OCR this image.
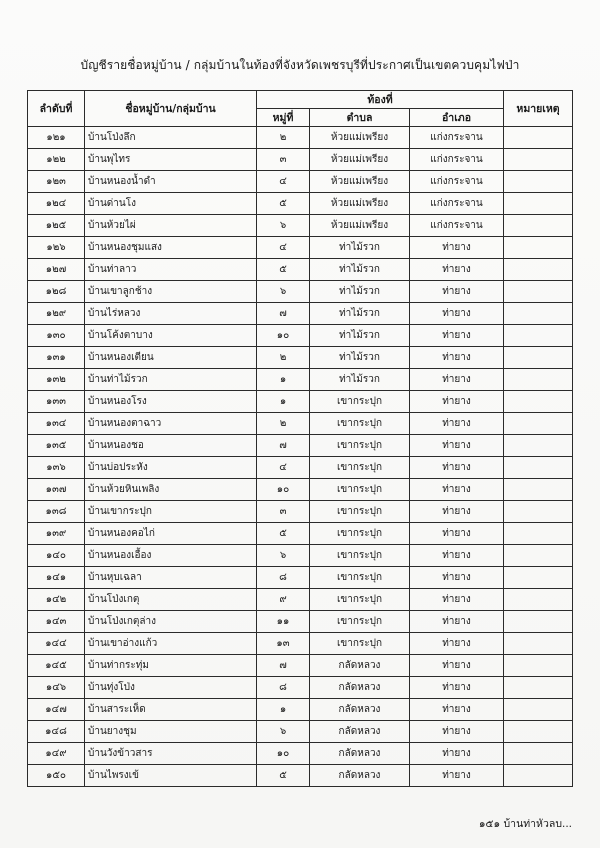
บัญชีรายชื่อหมู่บ้าน / กลุ่มบ้านในท้องที่จังหวัดเพชรบุรีที่ประกาศเป็นเขตควบคุมไฟป่า
ลำดับที่	ชื่อหมู่บ้าน/กลุ่มบ้าน	ท้องที่			หมายเหตุ
		หมู่ที่	ตำบล	อำเภอ	
๑๒๑	บ้านโป่งลึก	๒	ห้วยแม่เพรียง	แก่งกระจาน	
๑๒๒	บ้านพุไทร	๓	ห้วยแม่เพรียง	แก่งกระจาน	
๑๒๓	บ้านหนองน้ำดำ	๔	ห้วยแม่เพรียง	แก่งกระจาน	
๑๒๔	บ้านด่านโง	๕	ห้วยแม่เพรียง	แก่งกระจาน	
๑๒๕	บ้านห้วยไผ่	๖	ห้วยแม่เพรียง	แก่งกระจาน	
๑๒๖	บ้านหนองชุมแสง	๔	ท่าไม้รวก	ท่ายาง	
๑๒๗	บ้านท่าลาว	๕	ท่าไม้รวก	ท่ายาง	
๑๒๘	บ้านเขาลูกช้าง	๖	ท่าไม้รวก	ท่ายาง	
๑๒๙	บ้านไร่หลวง	๗	ท่าไม้รวก	ท่ายาง	
๑๓๐	บ้านโค้งตาบาง	๑๐	ท่าไม้รวก	ท่ายาง	
๑๓๑	บ้านหนองเตียน	๒	ท่าไม้รวก	ท่ายาง	
๑๓๒	บ้านท่าไม้รวก	๑	ท่าไม้รวก	ท่ายาง	
๑๓๓	บ้านหนองโรง	๑	เขากระปุก	ท่ายาง	
๑๓๔	บ้านหนองตาฉาว	๒	เขากระปุก	ท่ายาง	
๑๓๕	บ้านหนองชอ	๗	เขากระปุก	ท่ายาง	
๑๓๖	บ้านบ่อประหัง	๔	เขากระปุก	ท่ายาง	
๑๓๗	บ้านห้วยหินเพลิง	๑๐	เขากระปุก	ท่ายาง	
๑๓๘	บ้านเขากระปุก	๓	เขากระปุก	ท่ายาง	
๑๓๙	บ้านหนองคอไก่	๕	เขากระปุก	ท่ายาง	
๑๔๐	บ้านหนองเอื้อง	๖	เขากระปุก	ท่ายาง	
๑๔๑	บ้านหุบเฉลา	๘	เขากระปุก	ท่ายาง	
๑๔๒	บ้านโป่งเกตุ	๙	เขากระปุก	ท่ายาง	
๑๔๓	บ้านโป่งเกตุล่าง	๑๑	เขากระปุก	ท่ายาง	
๑๔๔	บ้านเขาอ่างแก้ว	๑๓	เขากระปุก	ท่ายาง	
๑๔๕	บ้านท่ากระทุ่ม	๗	กลัดหลวง	ท่ายาง	
๑๔๖	บ้านทุ่งโป่ง	๘	กลัดหลวง	ท่ายาง	
๑๔๗	บ้านสาระเห็ด	๑	กลัดหลวง	ท่ายาง	
๑๔๘	บ้านยางชุม	๖	กลัดหลวง	ท่ายาง	
๑๔๙	บ้านวังข้าวสาร	๑๐	กลัดหลวง	ท่ายาง	
๑๕๐	บ้านไพรงเข้	๕	กลัดหลวง	ท่ายาง	
๑๕๑ บ้านท่าหัวลบ...
